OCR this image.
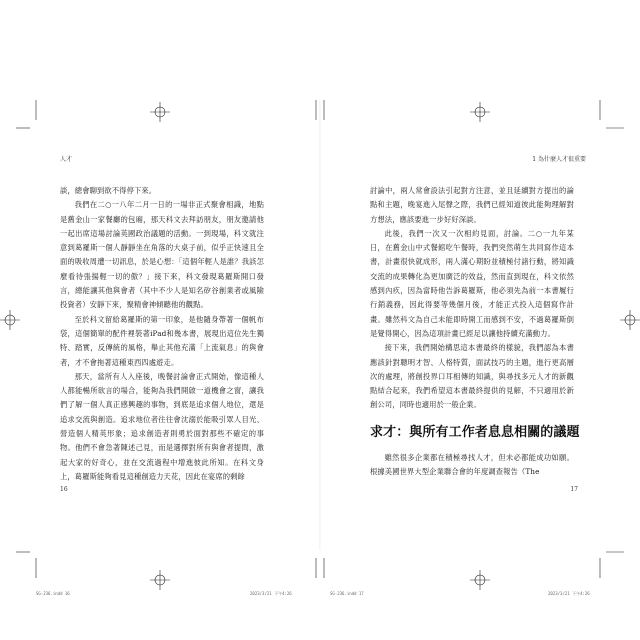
人才

談，總會聊到欲不得停下來。

我們在二○一八年二月一日的一場非正式聚會相識，地點是舊金山一家餐廳的包廂，那天科文去拜訪朋友，朋友邀請他一起出席這場討論英國政治議題的活動。一到現場，科文就注意到葛羅斯一個人靜靜坐在角落的大桌子前，似乎正快速且全面的吸收周遭一切訊息，於是心想：「這個年輕人是誰？我該怎麼看待張揚輕一切的傲？」接下來，科文發現葛羅斯開口發言，總能讓其他與會者（其中不少人是知名矽谷創業者或風險投資者）安靜下來，聚精會神傾聽他的觀點。

至於科文留給葛羅斯的第一印象，是他隨身帶著一個帆布袋，這個簡單的配件裡裝著iPad和幾本書，展現出這位先生獨特、踏實，反傳統的風格，舉止其他充滿「上流氣息」的與會者，才不會拖著這種東西四處遊走。

那天，當所有人入座後，晚餐討論會正式開始，像這種人人都能暢所欲言的場合，能夠為我們開啟一道機會之窗，讓我們了解一個人真正感興趣的事物，到底是追求個人地位，還是追求交流與創造。追求地位者往往會沈溺於能吸引眾人目光、營造個人精英形象；追求創造者則勇於面對那些不確定的事物。他們不會急著陳述己見，而是選擇對所有與會者提問，激起大家的好奇心，並在交流過程中增進彼此所知。在科文身上，葛羅斯能夠看見這種創造力天花，因此在宴席的剩餘

16
SG-236.indd 16	2023/3/21 下午4:26
1 為什麼人才很重要

討論中，兩人常會設法引起對方注意，並且延續對方提出的論點和主題，晚宴進入尾聲之際，我們已經知道彼此能夠理解對方想法，應該要進一步好好深談。

此後，我們一次又一次相約見面，討論。二○一九年某日，在舊金山中式餐館吃午餐時，我們突然萌生共同寫作這本書，計畫很快就成形，兩人滿心期盼並積極付諸行動，將知識交流的成果轉化為更加廣泛的效益，然而直到現在，科文依然感到內疚，因為當時他告訴葛羅斯，他必須先為前一本書履行行銷義務，因此得要等幾個月後，才能正式投入這個寫作計畫。雖然科文為自己未能即時開工而感到不安，不過葛羅斯倒是覺得開心，因為這項計畫已經足以讓他持續充滿動力。

接下來，我們開始構思這本書最終的樣貌，我們認為本書應該針對聰明才智、人格特質，面試技巧的主題，進行更高層次的處理，將創投界口耳相傳的知識，與尋找多元人才的新觀點結合起來，我們希望這本書最終提供的見解，不只適用於新創公司，同時也適用於一般企業。

求才：與所有工作者息息相關的議題

雖然很多企業都在積極尋找人才，但未必都能成功如願。根據美國世界大型企業聯合會的年度調查報告（The

17
SG-236.indd 17	2023/3/21 下午4:26
